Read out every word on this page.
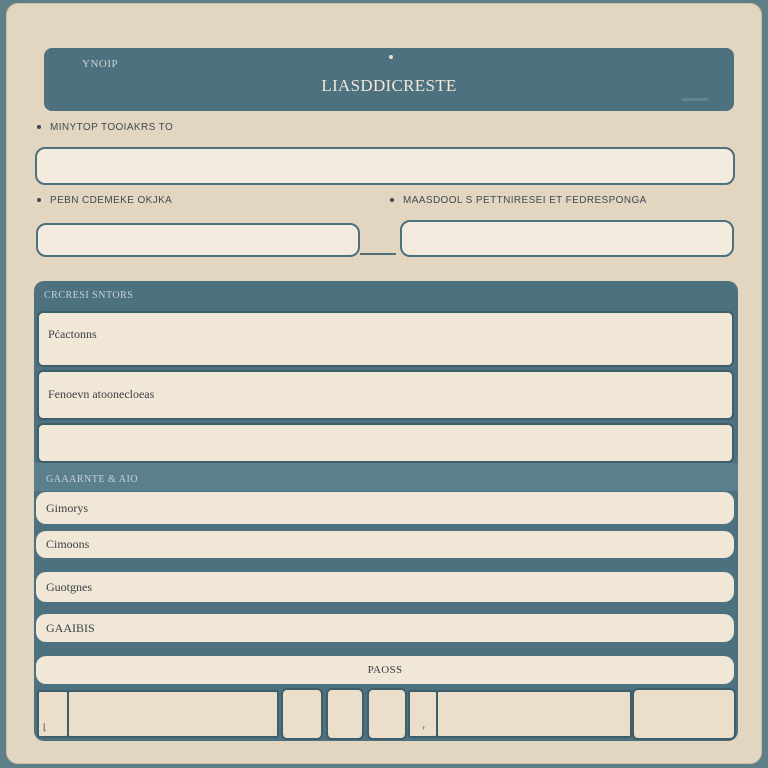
YNOIP
LIASDDICRESTE
MINYTOP TOOIAKRS TO
PEBN CDEMEKE OKJKA	MAASDOOL S PETTNIRESEI ET FEDRESPONGA
CRCRESI SNTORS
Pćactonns
Fenoevn atoonecloeas
GAAARNTE & AIO
Gimorys
Cimoons
Guotgnes
GAAIBIS
PAOSS
⌊	›
